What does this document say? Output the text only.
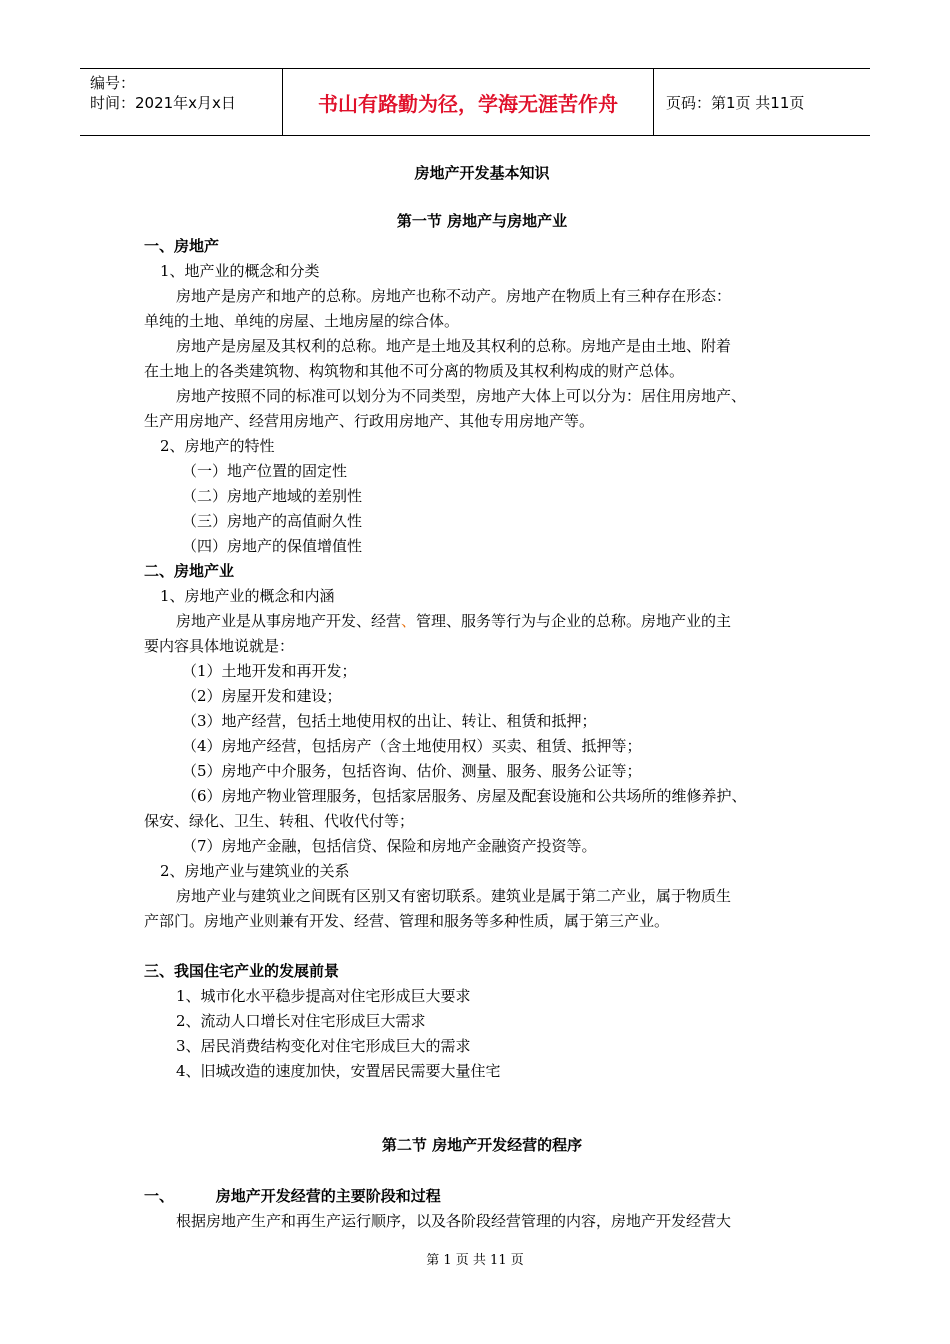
编号：
时间：2021年x月x日	书山有路勤为径，学海无涯苦作舟	页码：第1页 共11页
房地产开发基本知识
第一节 房地产与房地产业
一、房地产
1、地产业的概念和分类
房地产是房产和地产的总称。房地产也称不动产。房地产在物质上有三种存在形态：
单纯的土地、单纯的房屋、土地房屋的综合体。
房地产是房屋及其权利的总称。地产是土地及其权利的总称。房地产是由土地、附着
在土地上的各类建筑物、构筑物和其他不可分离的物质及其权利构成的财产总体。
房地产按照不同的标准可以划分为不同类型，房地产大体上可以分为：居住用房地产、
生产用房地产、经营用房地产、行政用房地产、其他专用房地产等。
2、房地产的特性
（一）地产位置的固定性
（二）房地产地域的差别性
（三）房地产的高值耐久性
（四）房地产的保值增值性
二、房地产业
1、房地产业的概念和内涵
房地产业是从事房地产开发、经营、管理、服务等行为与企业的总称。房地产业的主
要内容具体地说就是：
（1）土地开发和再开发；
（2）房屋开发和建设；
（3）地产经营，包括土地使用权的出让、转让、租赁和抵押；
（4）房地产经营，包括房产（含土地使用权）买卖、租赁、抵押等；
（5）房地产中介服务，包括咨询、估价、测量、服务、服务公证等；
（6）房地产物业管理服务，包括家居服务、房屋及配套设施和公共场所的维修养护、
保安、绿化、卫生、转租、代收代付等；
（7）房地产金融，包括信贷、保险和房地产金融资产投资等。
2、房地产业与建筑业的关系
房地产业与建筑业之间既有区别又有密切联系。建筑业是属于第二产业，属于物质生
产部门。房地产业则兼有开发、经营、管理和服务等多种性质，属于第三产业。
三、我国住宅产业的发展前景
1、城市化水平稳步提高对住宅形成巨大要求
2、流动人口增长对住宅形成巨大需求
3、居民消费结构变化对住宅形成巨大的需求
4、旧城改造的速度加快，安置居民需要大量住宅
第二节 房地产开发经营的程序
一、        房地产开发经营的主要阶段和过程
根据房地产生产和再生产运行顺序，以及各阶段经营管理的内容，房地产开发经营大
第 1 页 共 11 页
